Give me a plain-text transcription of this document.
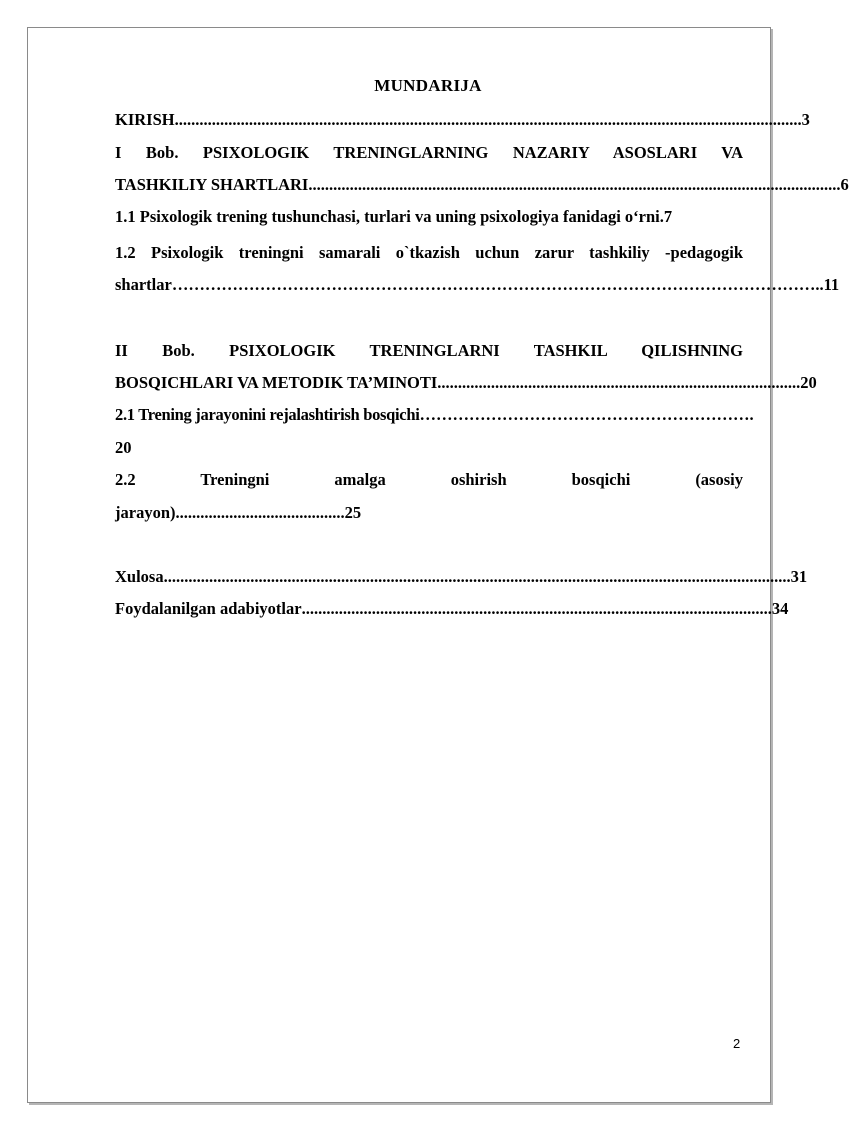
MUNDARIJA
KIRISH ........................................................................................................................................................ 3
I Bob. PSIXOLOGIK TRENINGLARNING NAZARIY ASOSLARI VA
TASHKILIY SHARTLARI ................................................................................................................................. 6
1.1 Psixologik trening tushunchasi, turlari va uning psixologiya fanidagi o‘rni.7
1.2 Psixologik treningni samarali o`tkazish uchun zarur tashkiliy -pedagogik
shartlar ……………………………………………………………………………………………………… ..11
II Bob. PSIXOLOGIK TRENINGLARNI TASHKIL QILISHNING
BOSQICHLARI VA METODIK TA’MINOTI ........................................................................................ 20
2.1 Trening jarayonini rejalashtirish bosqichi …………………………………………………… .
20
2.2 Treningni amalga oshirish bosqichi (asosiy
jarayon).........................................25
Xulosa ........................................................................................................................................................ 31
Foydalanilgan adabiyotlar .................................................................................................................. 34
2
